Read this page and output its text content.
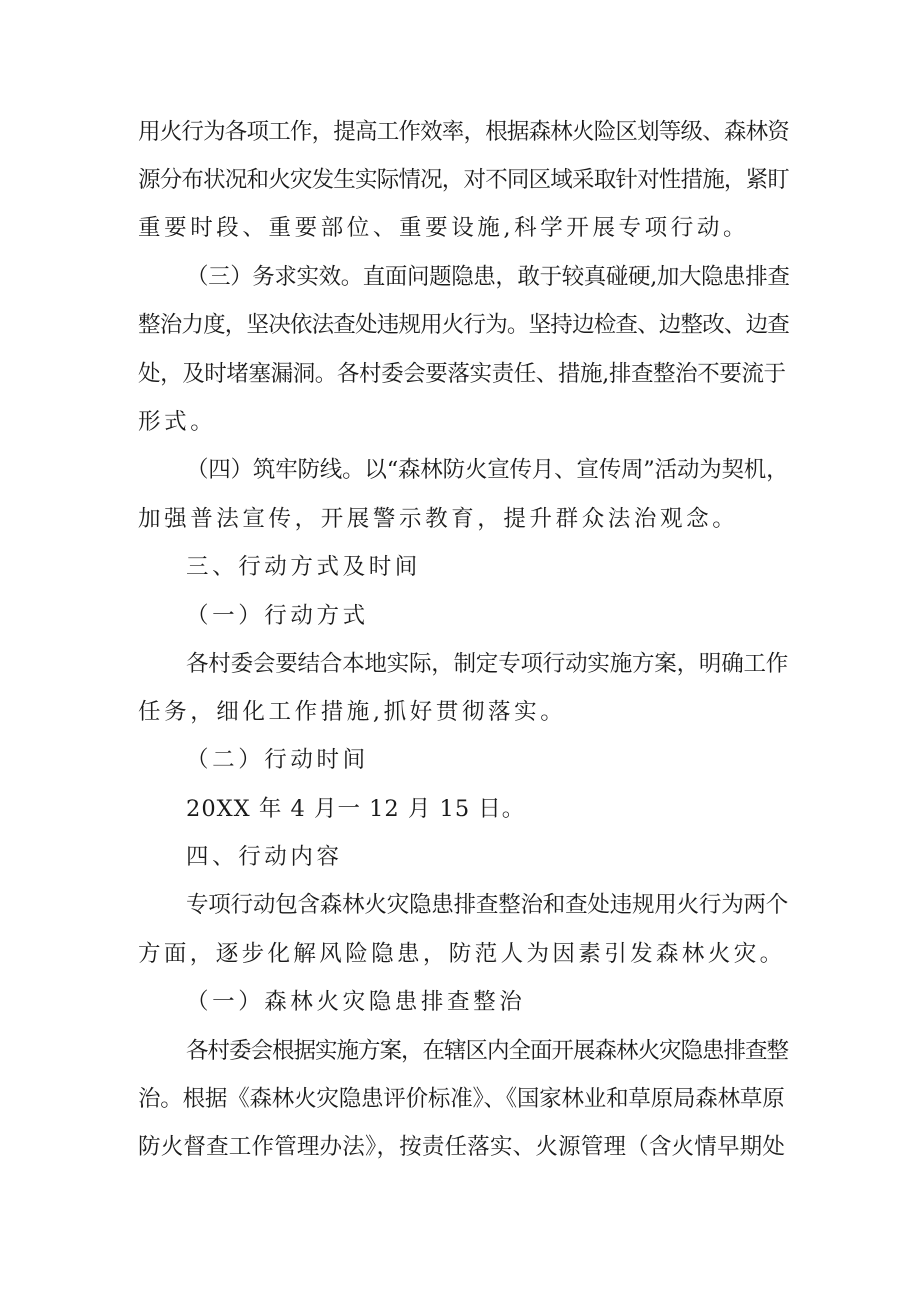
用火行为各项工作，提高工作效率，根据森林火险区划等级、森林资
源分布状况和火灾发生实际情况，对不同区域采取针对性措施，紧盯
重要时段、重要部位、重要设施,科学开展专项行动。
（三）务求实效。直面问题隐患，敢于较真碰硬,加大隐患排查
整治力度，坚决依法查处违规用火行为。坚持边检查、边整改、边查
处，及时堵塞漏洞。各村委会要落实责任、措施,排查整治不要流于
形式。
（四）筑牢防线。以“森林防火宣传月、宣传周”活动为契机，
加强普法宣传，开展警示教育，提升群众法治观念。
三、行动方式及时间
（一）行动方式
各村委会要结合本地实际，制定专项行动实施方案，明确工作
任务，细化工作措施,抓好贯彻落实。
（二）行动时间
20XX 年 4 月一 12 月 15 日。
四、行动内容
专项行动包含森林火灾隐患排查整治和查处违规用火行为两个
方面，逐步化解风险隐患，防范人为因素引发森林火灾。
（一）森林火灾隐患排查整治
各村委会根据实施方案，在辖区内全面开展森林火灾隐患排查整
治。根据《森林火灾隐患评价标准》、《国家林业和草原局森林草原
防火督查工作管理办法》，按责任落实、火源管理（含火情早期处
